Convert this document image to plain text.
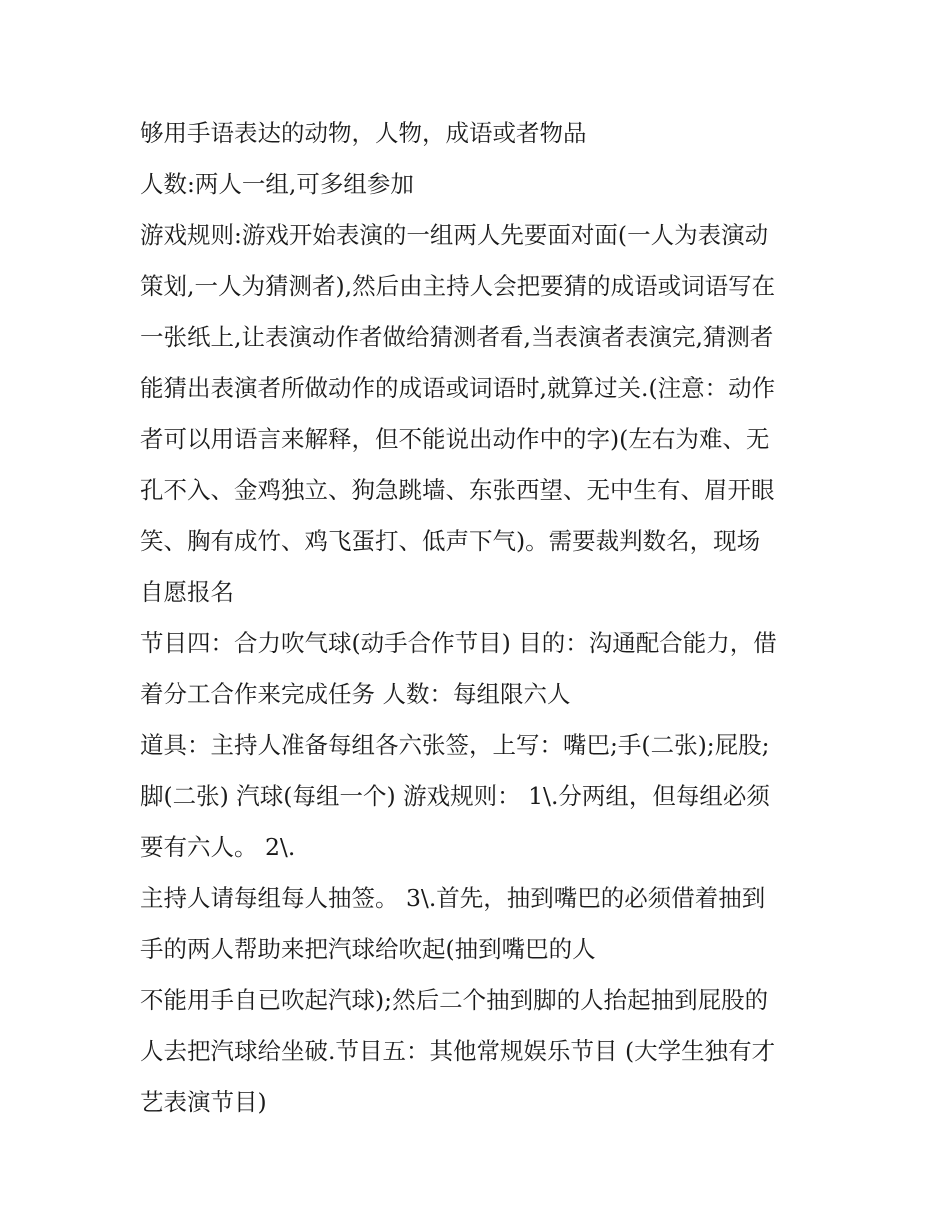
够用手语表达的动物，人物，成语或者物品
人数:两人一组,可多组参加
游戏规则:游戏开始表演的一组两人先要面对面(一人为表演动
策划,一人为猜测者),然后由主持人会把要猜的成语或词语写在
一张纸上,让表演动作者做给猜测者看,当表演者表演完,猜测者
能猜出表演者所做动作的成语或词语时,就算过关.(注意：动作
者可以用语言来解释，但不能说出动作中的字)(左右为难、无
孔不入、金鸡独立、狗急跳墙、东张西望、无中生有、眉开眼
笑、胸有成竹、鸡飞蛋打、低声下气)。需要裁判数名，现场
自愿报名
节目四：合力吹气球(动手合作节目) 目的：沟通配合能力，借
着分工合作来完成任务 人数：每组限六人
道具：主持人准备每组各六张签，上写：嘴巴;手(二张);屁股;
脚(二张) 汽球(每组一个) 游戏规则： 1\.分两组，但每组必须
要有六人。 2\.
主持人请每组每人抽签。 3\.首先，抽到嘴巴的必须借着抽到
手的两人帮助来把汽球给吹起(抽到嘴巴的人
不能用手自已吹起汽球);然后二个抽到脚的人抬起抽到屁股的
人去把汽球给坐破.节目五：其他常规娱乐节目 (大学生独有才
艺表演节目)
